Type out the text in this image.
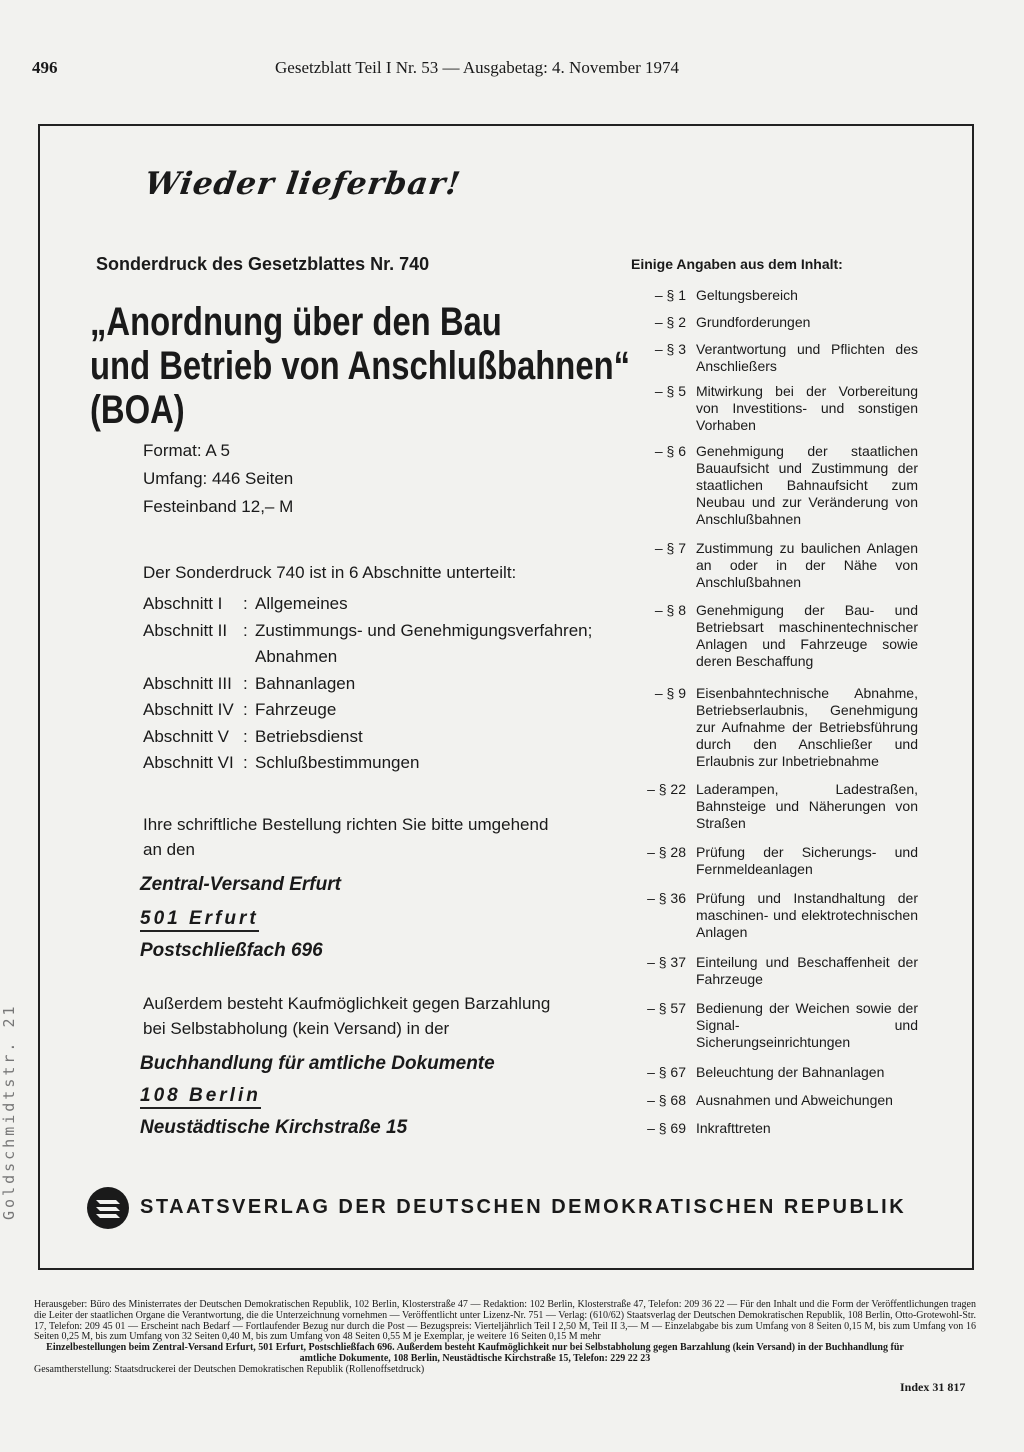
496	Gesetzblatt Teil I Nr. 53 — Ausgabetag: 4. November 1974
Goldschmidtstr. 21
Wieder lieferbar!
Sonderdruck des Gesetzblattes Nr. 740
„Anordnung über den Bau
und Betrieb von Anschlußbahnen“
(BOA)
Format: A 5
Umfang: 446 Seiten
Festeinband 12,– M
Der Sonderdruck 740 ist in 6 Abschnitte unterteilt:
Abschnitt I	: Allgemeines
Abschnitt II : Zustimmungs- und Genehmigungsverfahren;
Abnahmen
Abschnitt III : Bahnanlagen
Abschnitt IV : Fahrzeuge
Abschnitt V : Betriebsdienst
Abschnitt VI : Schlußbestimmungen
Ihre schriftliche Bestellung richten Sie bitte umgehend
an den
Zentral-Versand Erfurt
501 Erfurt
Postschließfach 696
Außerdem besteht Kaufmöglichkeit gegen Barzahlung
bei Selbstabholung (kein Versand) in der
Buchhandlung für amtliche Dokumente
108 Berlin
Neustädtische Kirchstraße 15
Einige Angaben aus dem Inhalt:
– § 1 Geltungsbereich
– § 2 Grundforderungen
– § 3 Verantwortung und Pflichten des Anschließers
– § 5 Mitwirkung bei der Vorbereitung von Investitions- und sonstigen Vorhaben
– § 6 Genehmigung der staatlichen Bauaufsicht und Zustimmung der staatlichen Bahnaufsicht zum Neubau und zur Veränderung von Anschlußbahnen
– § 7 Zustimmung zu baulichen Anlagen an oder in der Nähe von Anschlußbahnen
– § 8 Genehmigung der Bau- und Betriebsart maschinentechnischer Anlagen und Fahrzeuge sowie deren Beschaffung
– § 9 Eisenbahntechnische Abnahme, Betriebserlaubnis, Genehmigung zur Aufnahme der Betriebsführung durch den Anschließer und Erlaubnis zur Inbetriebnahme
– § 22 Laderampen, Ladestraßen, Bahnsteige und Näherungen von Straßen
– § 28 Prüfung der Sicherungs- und Fernmeldeanlagen
– § 36 Prüfung und Instandhaltung der maschinen- und elektrotechnischen Anlagen
– § 37 Einteilung und Beschaffenheit der Fahrzeuge
– § 57 Bedienung der Weichen sowie der Signal- und Sicherungseinrichtungen
– § 67 Beleuchtung der Bahnanlagen
– § 68 Ausnahmen und Abweichungen
– § 69 Inkrafttreten
STAATSVERLAG DER DEUTSCHEN DEMOKRATISCHEN REPUBLIK
Herausgeber: Büro des Ministerrates der Deutschen Demokratischen Republik, 102 Berlin, Klosterstraße 47 — Redaktion: 102 Berlin, Klosterstraße 47, Telefon: 209 36 22 — Für den Inhalt und die Form der Veröffentlichungen tragen die Leiter der staatlichen Organe die Verantwortung, die die Unterzeichnung vornehmen — Veröffentlicht unter Lizenz-Nr. 751 — Verlag: (610/62) Staatsverlag der Deutschen Demokratischen Republik, 108 Berlin, Otto-Grotewohl-Str. 17, Telefon: 209 45 01 — Erscheint nach Bedarf — Fortlaufender Bezug nur durch die Post — Bezugspreis: Vierteljährlich Teil I 2,50 M, Teil II 3,— M — Einzelabgabe bis zum Umfang von 8 Seiten 0,15 M, bis zum Umfang von 16 Seiten 0,25 M, bis zum Umfang von 32 Seiten 0,40 M, bis zum Umfang von 48 Seiten 0,55 M je Exemplar, je weitere 16 Seiten 0,15 M mehr
Einzelbestellungen beim Zentral-Versand Erfurt, 501 Erfurt, Postschließfach 696. Außerdem besteht Kaufmöglichkeit nur bei Selbstabholung gegen Barzahlung (kein Versand) in der Buchhandlung für amtliche Dokumente, 108 Berlin, Neustädtische Kirchstraße 15, Telefon: 229 22 23
Gesamtherstellung: Staatsdruckerei der Deutschen Demokratischen Republik (Rollenoffsetdruck)
Index 31 817
